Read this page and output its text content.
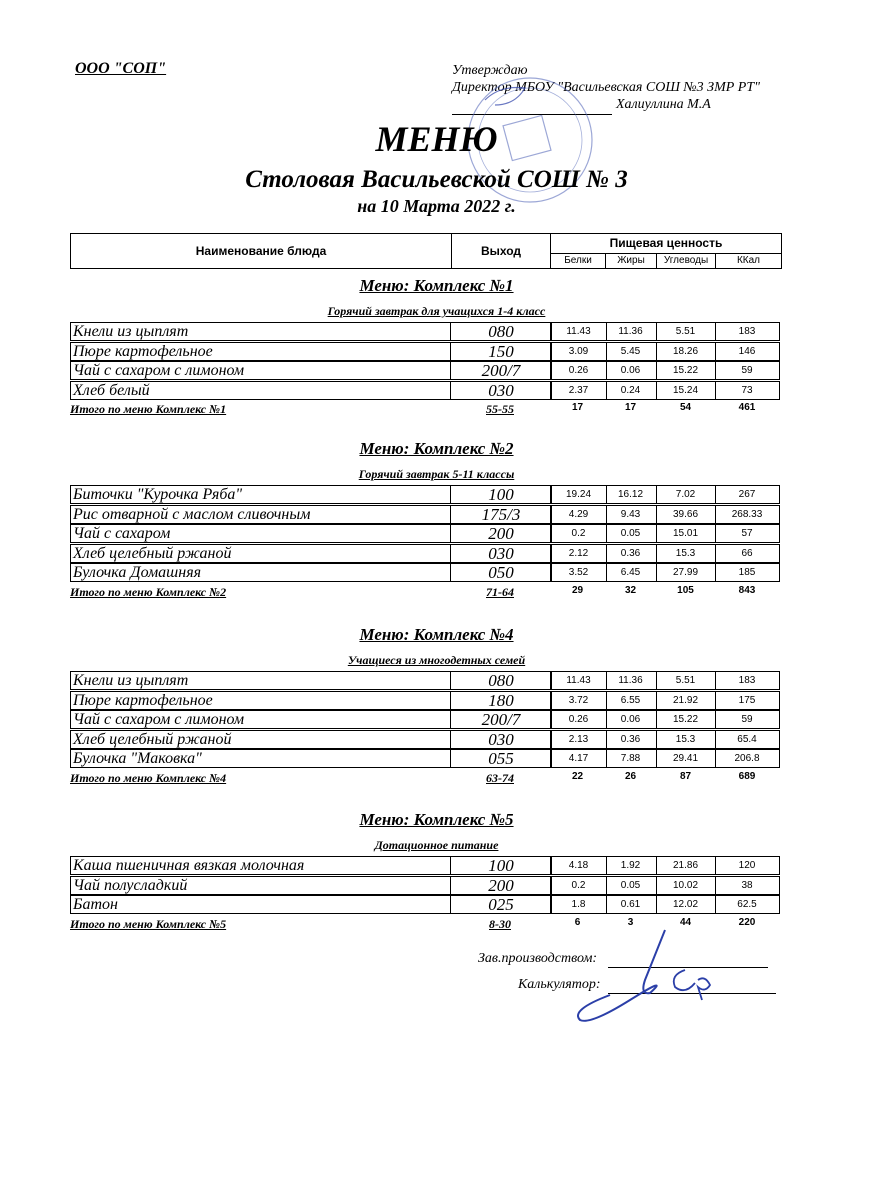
ООО "СОП"	Утверждаю
Директор МБОУ "Васильевская СОШ №3 ЗМР РТ"
Халиуллина М.А
МЕНЮ
Столовая Васильевской СОШ № 3
на 10 Марта 2022 г.
Наименование блюда	Выход
Пищевая ценность
Белки	Жиры	Углеводы	ККал
Меню: Комплекс №1
Горячий завтрак для учащихся 1-4 класс
Кнели из цыплят	080	11.43	11.36	5.51	183
Пюре картофельное	150	3.09	5.45	18.26	146
Чай с сахаром с лимоном	200/7	0.26	0.06	15.22	59
Хлеб белый	030	2.37	0.24	15.24	73
Итого по меню Комплекс №1	55-55	17	17	54	461
Меню: Комплекс №2
Горячий завтрак 5-11 классы
Биточки "Курочка Ряба"	100	19.24	16.12	7.02	267
Рис отварной с маслом сливочным	175/3	4.29	9.43	39.66	268.33
Чай с сахаром	200	0.2	0.05	15.01	57
Хлеб целебный ржаной	030	2.12	0.36	15.3	66
Булочка Домашняя	050	3.52	6.45	27.99	185
Итого по меню Комплекс №2	71-64	29	32	105	843
Меню: Комплекс №4
Учащиеся из многодетных семей
Кнели из цыплят	080	11.43	11.36	5.51	183
Пюре картофельное	180	3.72	6.55	21.92	175
Чай с сахаром с лимоном	200/7	0.26	0.06	15.22	59
Хлеб целебный ржаной	030	2.13	0.36	15.3	65.4
Булочка "Маковка"	055	4.17	7.88	29.41	206.8
Итого по меню Комплекс №4	63-74	22	26	87	689
Меню: Комплекс №5
Дотационное питание
Каша пшеничная вязкая молочная	100	4.18	1.92	21.86	120
Чай полусладкий	200	0.2	0.05	10.02	38
Батон	025	1.8	0.61	12.02	62.5
Итого по меню Комплекс №5	8-30	6	3	44	220
Зав.производством:
Калькулятор:
